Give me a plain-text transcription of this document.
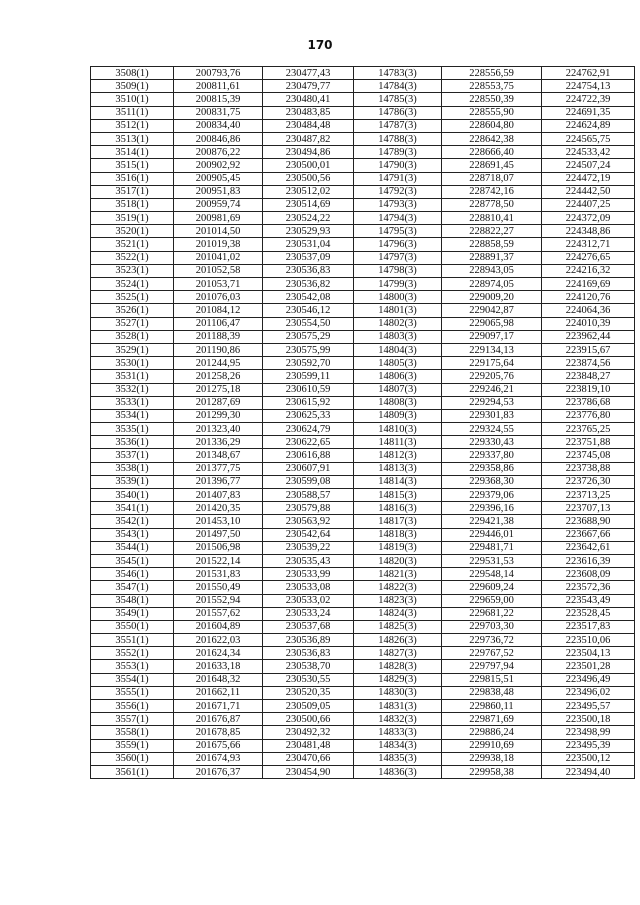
170
3508(1)	200793,76	230477,43	14783(3)	228556,59	224762,91
3509(1)	200811,61	230479,77	14784(3)	228553,75	224754,13
3510(1)	200815,39	230480,41	14785(3)	228550,39	224722,39
3511(1)	200831,75	230483,85	14786(3)	228555,90	224691,35
3512(1)	200834,40	230484,48	14787(3)	228604,80	224624,89
3513(1)	200846,86	230487,82	14788(3)	228642,38	224565,75
3514(1)	200876,22	230494,86	14789(3)	228666,40	224533,42
3515(1)	200902,92	230500,01	14790(3)	228691,45	224507,24
3516(1)	200905,45	230500,56	14791(3)	228718,07	224472,19
3517(1)	200951,83	230512,02	14792(3)	228742,16	224442,50
3518(1)	200959,74	230514,69	14793(3)	228778,50	224407,25
3519(1)	200981,69	230524,22	14794(3)	228810,41	224372,09
3520(1)	201014,50	230529,93	14795(3)	228822,27	224348,86
3521(1)	201019,38	230531,04	14796(3)	228858,59	224312,71
3522(1)	201041,02	230537,09	14797(3)	228891,37	224276,65
3523(1)	201052,58	230536,83	14798(3)	228943,05	224216,32
3524(1)	201053,71	230536,82	14799(3)	228974,05	224169,69
3525(1)	201076,03	230542,08	14800(3)	229009,20	224120,76
3526(1)	201084,12	230546,12	14801(3)	229042,87	224064,36
3527(1)	201106,47	230554,50	14802(3)	229065,98	224010,39
3528(1)	201188,39	230575,29	14803(3)	229097,17	223962,44
3529(1)	201190,86	230575,99	14804(3)	229134,13	223915,67
3530(1)	201244,95	230592,70	14805(3)	229175,64	223874,56
3531(1)	201258,26	230599,11	14806(3)	229205,76	223848,27
3532(1)	201275,18	230610,59	14807(3)	229246,21	223819,10
3533(1)	201287,69	230615,92	14808(3)	229294,53	223786,68
3534(1)	201299,30	230625,33	14809(3)	229301,83	223776,80
3535(1)	201323,40	230624,79	14810(3)	229324,55	223765,25
3536(1)	201336,29	230622,65	14811(3)	229330,43	223751,88
3537(1)	201348,67	230616,88	14812(3)	229337,80	223745,08
3538(1)	201377,75	230607,91	14813(3)	229358,86	223738,88
3539(1)	201396,77	230599,08	14814(3)	229368,30	223726,30
3540(1)	201407,83	230588,57	14815(3)	229379,06	223713,25
3541(1)	201420,35	230579,88	14816(3)	229396,16	223707,13
3542(1)	201453,10	230563,92	14817(3)	229421,38	223688,90
3543(1)	201497,50	230542,64	14818(3)	229446,01	223667,66
3544(1)	201506,98	230539,22	14819(3)	229481,71	223642,61
3545(1)	201522,14	230535,43	14820(3)	229531,53	223616,39
3546(1)	201531,83	230533,99	14821(3)	229548,14	223608,09
3547(1)	201550,49	230533,08	14822(3)	229609,24	223572,36
3548(1)	201552,94	230533,02	14823(3)	229659,00	223543,49
3549(1)	201557,62	230533,24	14824(3)	229681,22	223528,45
3550(1)	201604,89	230537,68	14825(3)	229703,30	223517,83
3551(1)	201622,03	230536,89	14826(3)	229736,72	223510,06
3552(1)	201624,34	230536,83	14827(3)	229767,52	223504,13
3553(1)	201633,18	230538,70	14828(3)	229797,94	223501,28
3554(1)	201648,32	230530,55	14829(3)	229815,51	223496,49
3555(1)	201662,11	230520,35	14830(3)	229838,48	223496,02
3556(1)	201671,71	230509,05	14831(3)	229860,11	223495,57
3557(1)	201676,87	230500,66	14832(3)	229871,69	223500,18
3558(1)	201678,85	230492,32	14833(3)	229886,24	223498,99
3559(1)	201675,66	230481,48	14834(3)	229910,69	223495,39
3560(1)	201674,93	230470,66	14835(3)	229938,18	223500,12
3561(1)	201676,37	230454,90	14836(3)	229958,38	223494,40
